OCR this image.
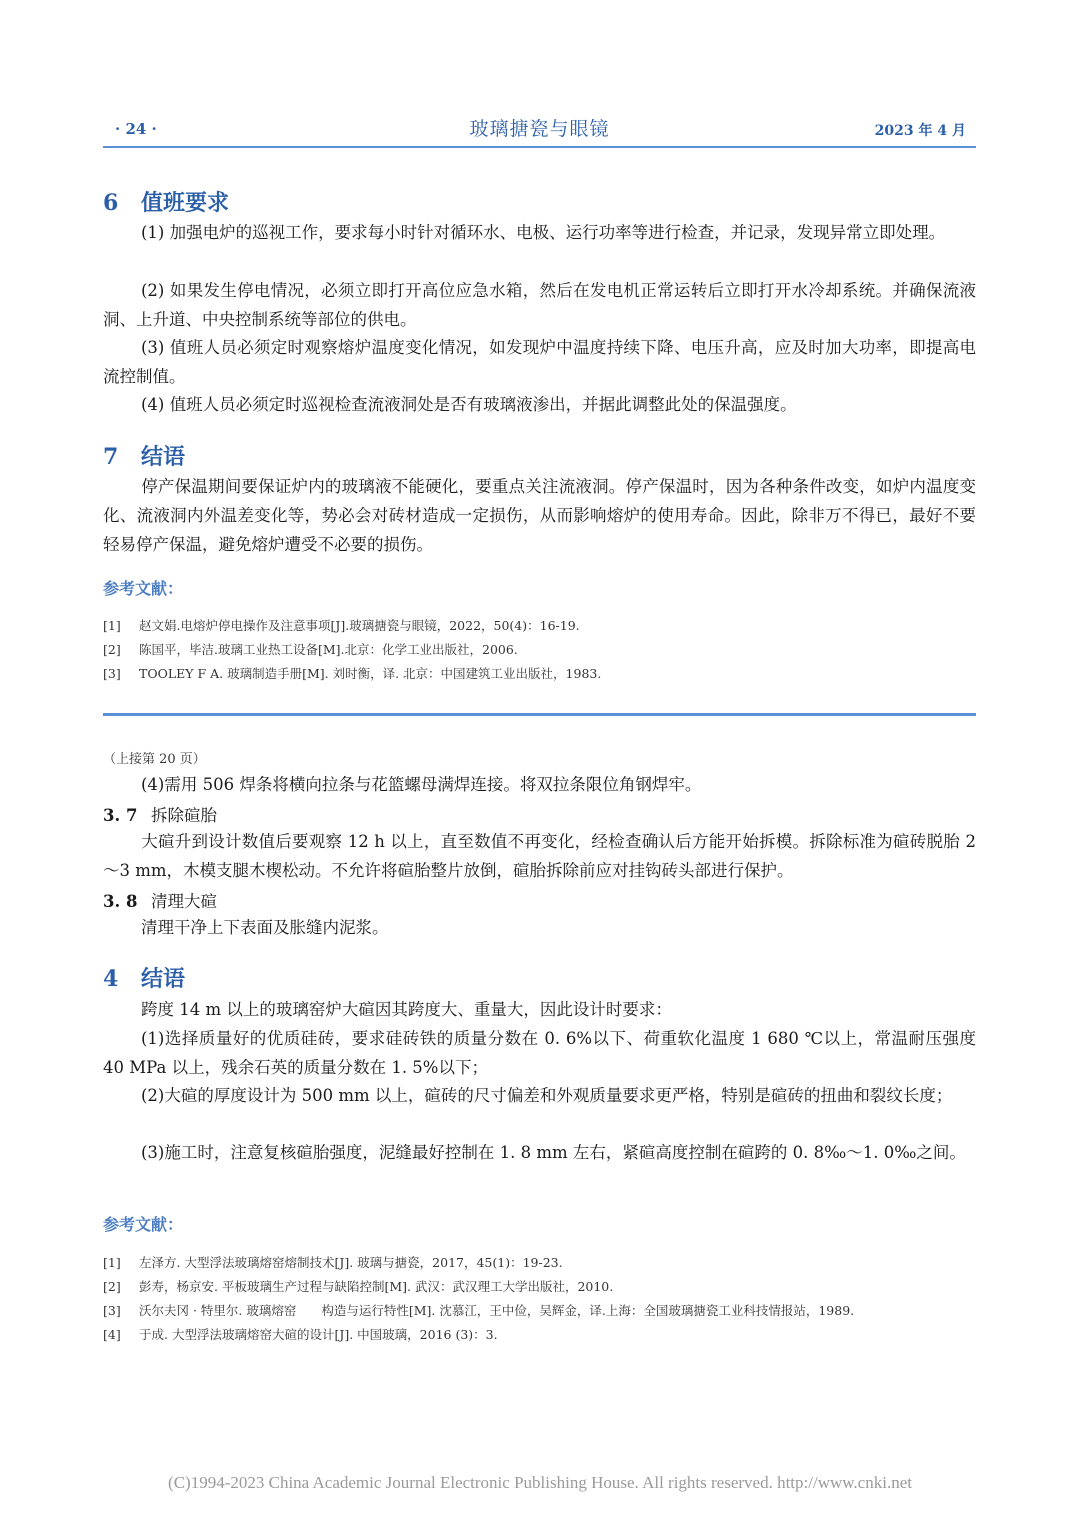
· 24 ·	玻璃搪瓷与眼镜	2023 年 4 月
6 值班要求
(1) 加强电炉的巡视工作，要求每小时针对循环水、电极、运行功率等进行检查，并记录，发现异常立即处理。
(2) 如果发生停电情况，必须立即打开高位应急水箱，然后在发电机正常运转后立即打开水冷却系统。并确保流液洞、上升道、中央控制系统等部位的供电。
(3) 值班人员必须定时观察熔炉温度变化情况，如发现炉中温度持续下降、电压升高，应及时加大功率，即提高电流控制值。
(4) 值班人员必须定时巡视检查流液洞处是否有玻璃液渗出，并据此调整此处的保温强度。
7 结语
停产保温期间要保证炉内的玻璃液不能硬化，要重点关注流液洞。停产保温时，因为各种条件改变，如炉内温度变化、流液洞内外温差变化等，势必会对砖材造成一定损伤，从而影响熔炉的使用寿命。因此，除非万不得已，最好不要轻易停产保温，避免熔炉遭受不必要的损伤。
参考文献：
[1] 赵文娟.电熔炉停电操作及注意事项[J].玻璃搪瓷与眼镜，2022，50(4)：16-19.
[2] 陈国平，毕洁.玻璃工业热工设备[M].北京：化学工业出版社，2006.
[3] TOOLEY F A. 玻璃制造手册[M]. 刘时衡，译. 北京：中国建筑工业出版社，1983.
（上接第 20 页）
(4)需用 506 焊条将横向拉条与花篮螺母满焊连接。将双拉条限位角钢焊牢。
3. 7 拆除碹胎
大碹升到设计数值后要观察 12 h 以上，直至数值不再变化，经检查确认后方能开始拆模。拆除标准为碹砖脱胎 2～3 mm，木模支腿木楔松动。不允许将碹胎整片放倒，碹胎拆除前应对挂钩砖头部进行保护。
3. 8 清理大碹
清理干净上下表面及胀缝内泥浆。
4 结语
跨度 14 m 以上的玻璃窑炉大碹因其跨度大、重量大，因此设计时要求：
(1)选择质量好的优质硅砖，要求硅砖铁的质量分数在 0. 6%以下、荷重软化温度 1 680 ℃以上，常温耐压强度 40 MPa 以上，残余石英的质量分数在 1. 5%以下；
(2)大碹的厚度设计为 500 mm 以上，碹砖的尺寸偏差和外观质量要求更严格，特别是碹砖的扭曲和裂纹长度；
(3)施工时，注意复核碹胎强度，泥缝最好控制在 1. 8 mm 左右，紧碹高度控制在碹跨的 0. 8‰～1. 0‰之间。
参考文献：
[1] 左泽方. 大型浮法玻璃熔窑熔制技术[J]. 玻璃与搪瓷，2017，45(1)：19-23.
[2] 彭寿，杨京安. 平板玻璃生产过程与缺陷控制[M]. 武汉：武汉理工大学出版社，2010.
[3] 沃尔夫冈 · 特里尔. 玻璃熔窑　　构造与运行特性[M]. 沈慕江，王中俭，吴辉金，译.上海：全国玻璃搪瓷工业科技情报站，1989.
[4] 于成. 大型浮法玻璃熔窑大碹的设计[J]. 中国玻璃，2016 (3)：3.
(C)1994-2023 China Academic Journal Electronic Publishing House. All rights reserved. http://www.cnki.net
